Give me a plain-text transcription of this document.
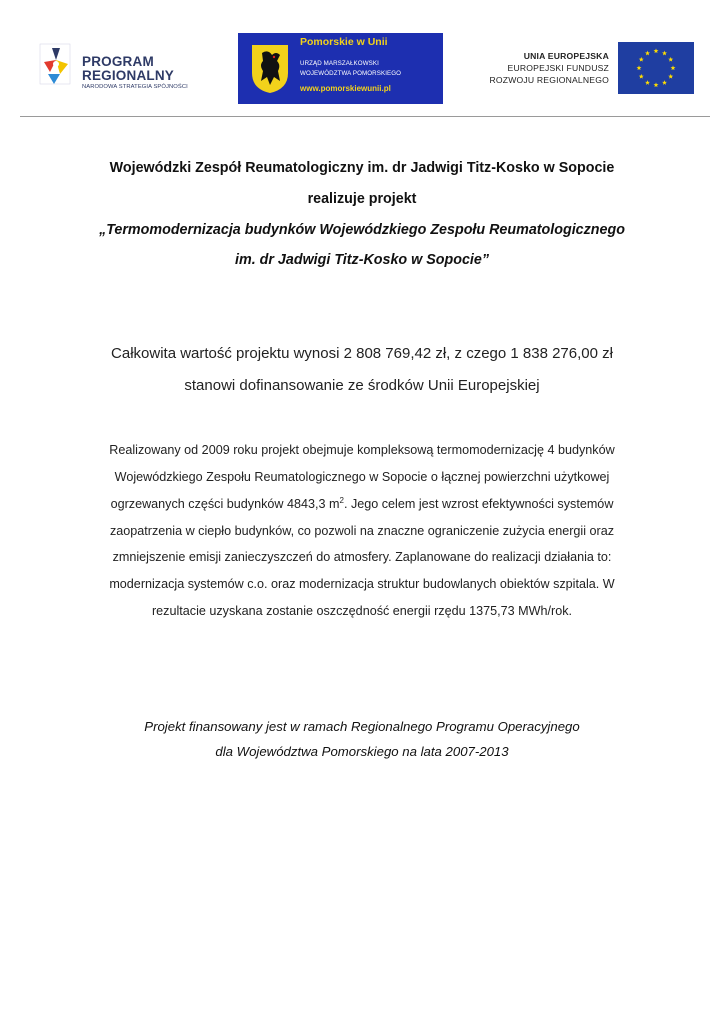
PROGRAM
REGIONALNY
NARODOWA STRATEGIA SPÓJNOŚCI
Pomorskie w Unii
URZĄD MARSZAŁKOWSKI
WOJEWÓDZTWA POMORSKIEGO
www.pomorskiewunii.pl
UNIA EUROPEJSKA
EUROPEJSKI FUNDUSZ
ROZWOJU REGIONALNEGO
Wojewódzki Zespół Reumatologiczny im. dr Jadwigi Titz-Kosko w Sopocie
realizuje projekt
„Termomodernizacja budynków Wojewódzkiego Zespołu Reumatologicznego
im. dr Jadwigi Titz-Kosko w Sopocie”
Całkowita wartość projektu wynosi 2 808 769,42 zł, z czego 1 838 276,00 zł
stanowi dofinansowanie ze środków Unii Europejskiej
Realizowany od 2009 roku projekt obejmuje kompleksową termomodernizację 4 budynków
Wojewódzkiego Zespołu Reumatologicznego w Sopocie o łącznej powierzchni użytkowej
ogrzewanych części budynków 4843,3 $m^2$. Jego celem jest wzrost efektywności systemów
zaopatrzenia w ciepło budynków, co pozwoli na znaczne ograniczenie zużycia energii oraz
zmniejszenie emisji zanieczyszczeń do atmosfery. Zaplanowane do realizacji działania to:
modernizacja systemów c.o. oraz modernizacja struktur budowlanych obiektów szpitala. W
rezultacie uzyskana zostanie oszczędność energii rzędu 1375,73 MWh/rok.
Projekt finansowany jest w ramach Regionalnego Programu Operacyjnego
dla Województwa Pomorskiego na lata 2007-2013
